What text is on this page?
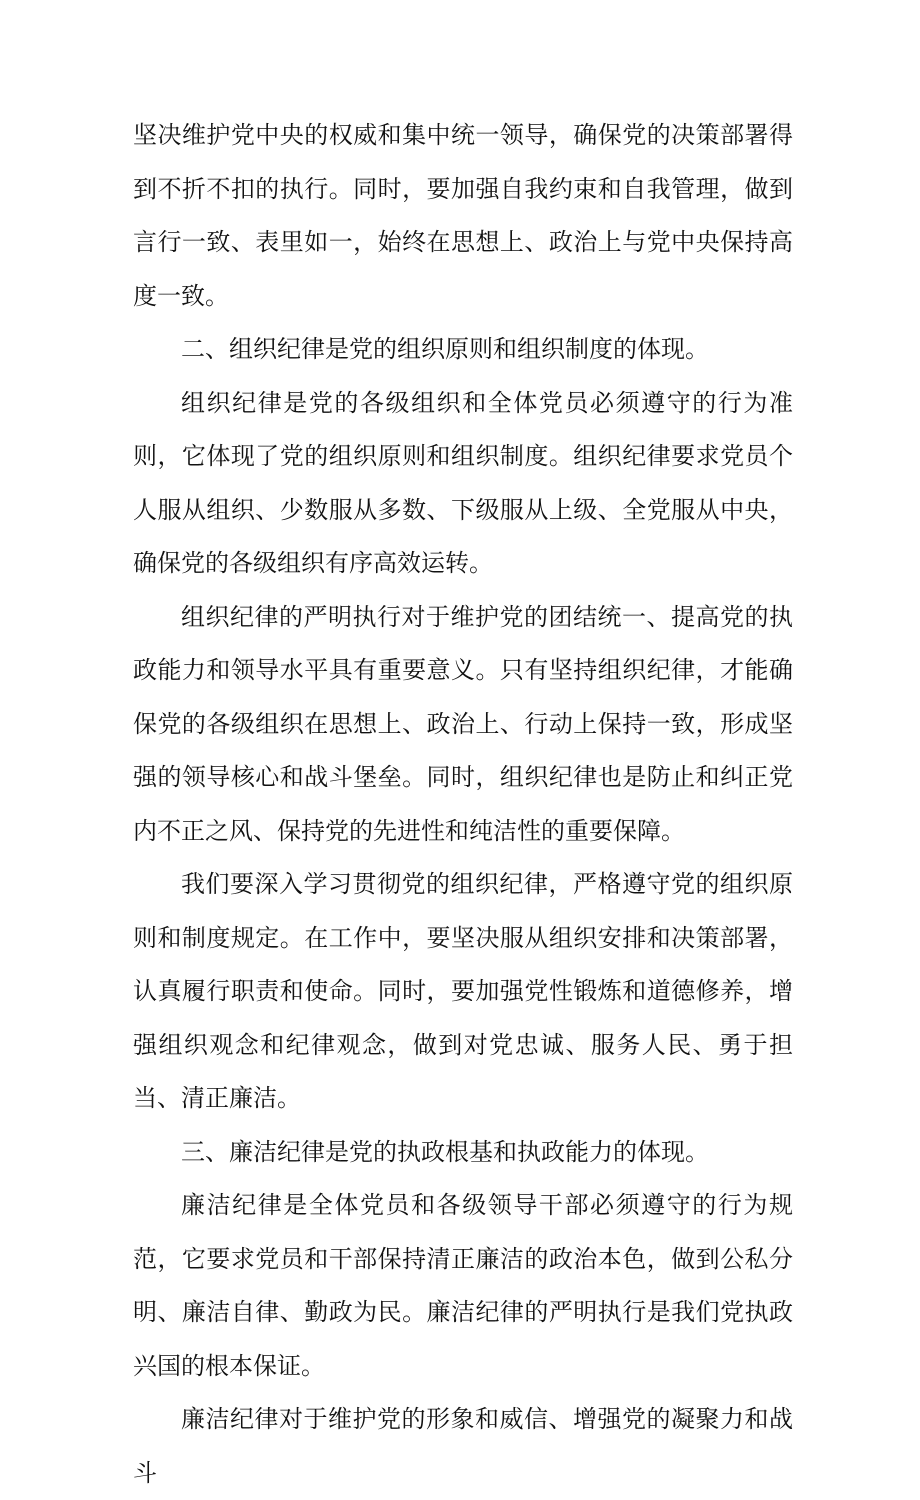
坚决维护党中央的权威和集中统一领导，确保党的决策部署得到不折不扣的执行。同时，要加强自我约束和自我管理，做到言行一致、表里如一，始终在思想上、政治上与党中央保持高度一致。

二、组织纪律是党的组织原则和组织制度的体现。

组织纪律是党的各级组织和全体党员必须遵守的行为准则，它体现了党的组织原则和组织制度。组织纪律要求党员个人服从组织、少数服从多数、下级服从上级、全党服从中央，确保党的各级组织有序高效运转。

组织纪律的严明执行对于维护党的团结统一、提高党的执政能力和领导水平具有重要意义。只有坚持组织纪律，才能确保党的各级组织在思想上、政治上、行动上保持一致，形成坚强的领导核心和战斗堡垒。同时，组织纪律也是防止和纠正党内不正之风、保持党的先进性和纯洁性的重要保障。

我们要深入学习贯彻党的组织纪律，严格遵守党的组织原则和制度规定。在工作中，要坚决服从组织安排和决策部署，认真履行职责和使命。同时，要加强党性锻炼和道德修养，增强组织观念和纪律观念，做到对党忠诚、服务人民、勇于担当、清正廉洁。

三、廉洁纪律是党的执政根基和执政能力的体现。

廉洁纪律是全体党员和各级领导干部必须遵守的行为规范，它要求党员和干部保持清正廉洁的政治本色，做到公私分明、廉洁自律、勤政为民。廉洁纪律的严明执行是我们党执政兴国的根本保证。

廉洁纪律对于维护党的形象和威信、增强党的凝聚力和战斗
